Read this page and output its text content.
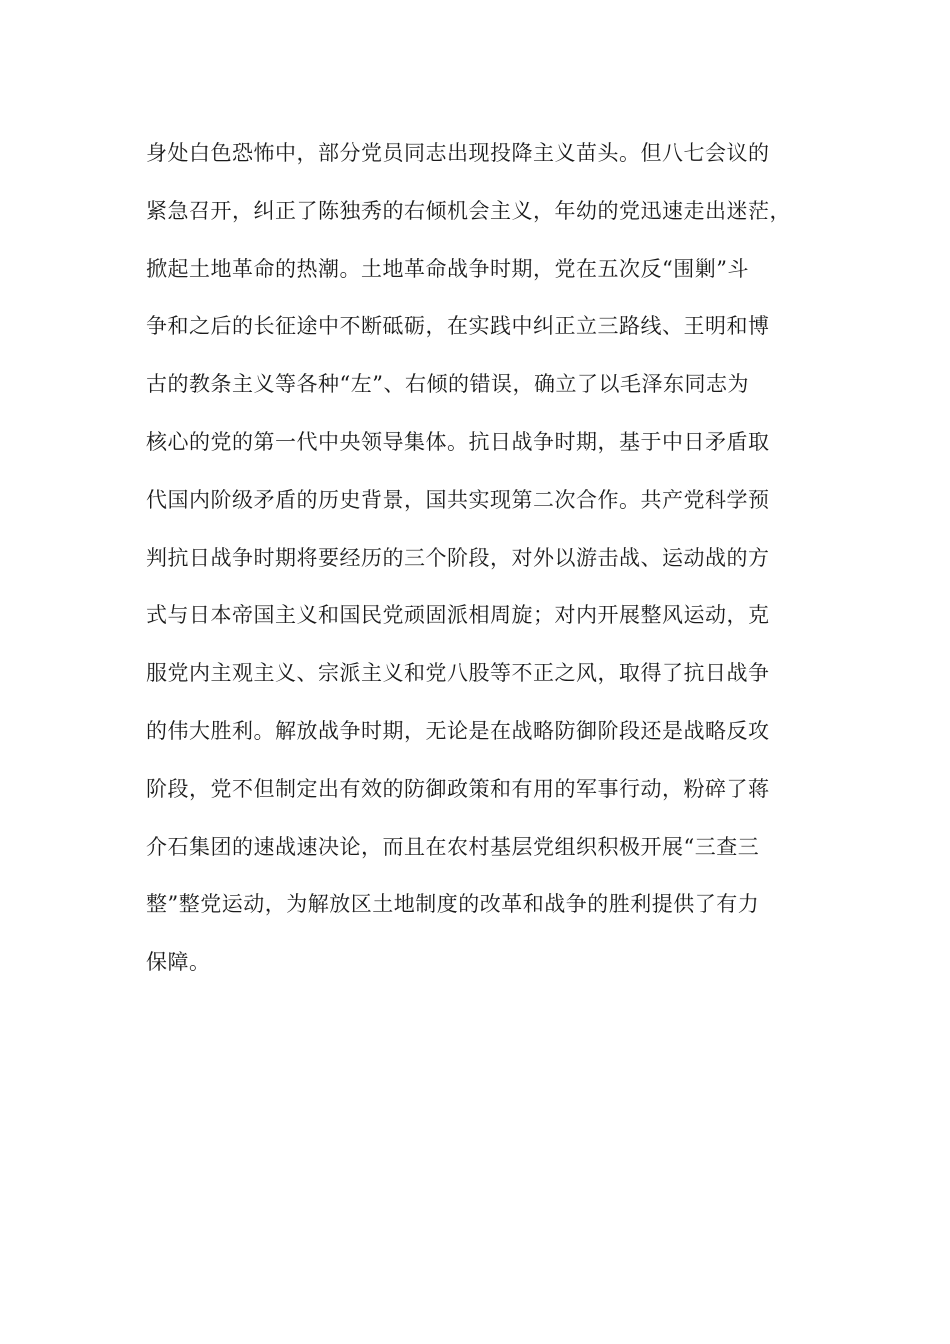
身处白色恐怖中，部分党员同志出现投降主义苗头。但八七会议的
紧急召开，纠正了陈独秀的右倾机会主义，年幼的党迅速走出迷茫，
掀起土地革命的热潮。土地革命战争时期，党在五次反“围剿”斗
争和之后的长征途中不断砥砺，在实践中纠正立三路线、王明和博
古的教条主义等各种“左”、右倾的错误，确立了以毛泽东同志为
核心的党的第一代中央领导集体。抗日战争时期，基于中日矛盾取
代国内阶级矛盾的历史背景，国共实现第二次合作。共产党科学预
判抗日战争时期将要经历的三个阶段，对外以游击战、运动战的方
式与日本帝国主义和国民党顽固派相周旋；对内开展整风运动，克
服党内主观主义、宗派主义和党八股等不正之风，取得了抗日战争
的伟大胜利。解放战争时期，无论是在战略防御阶段还是战略反攻
阶段，党不但制定出有效的防御政策和有用的军事行动，粉碎了蒋
介石集团的速战速决论，而且在农村基层党组织积极开展“三查三
整”整党运动，为解放区土地制度的改革和战争的胜利提供了有力
保障。
